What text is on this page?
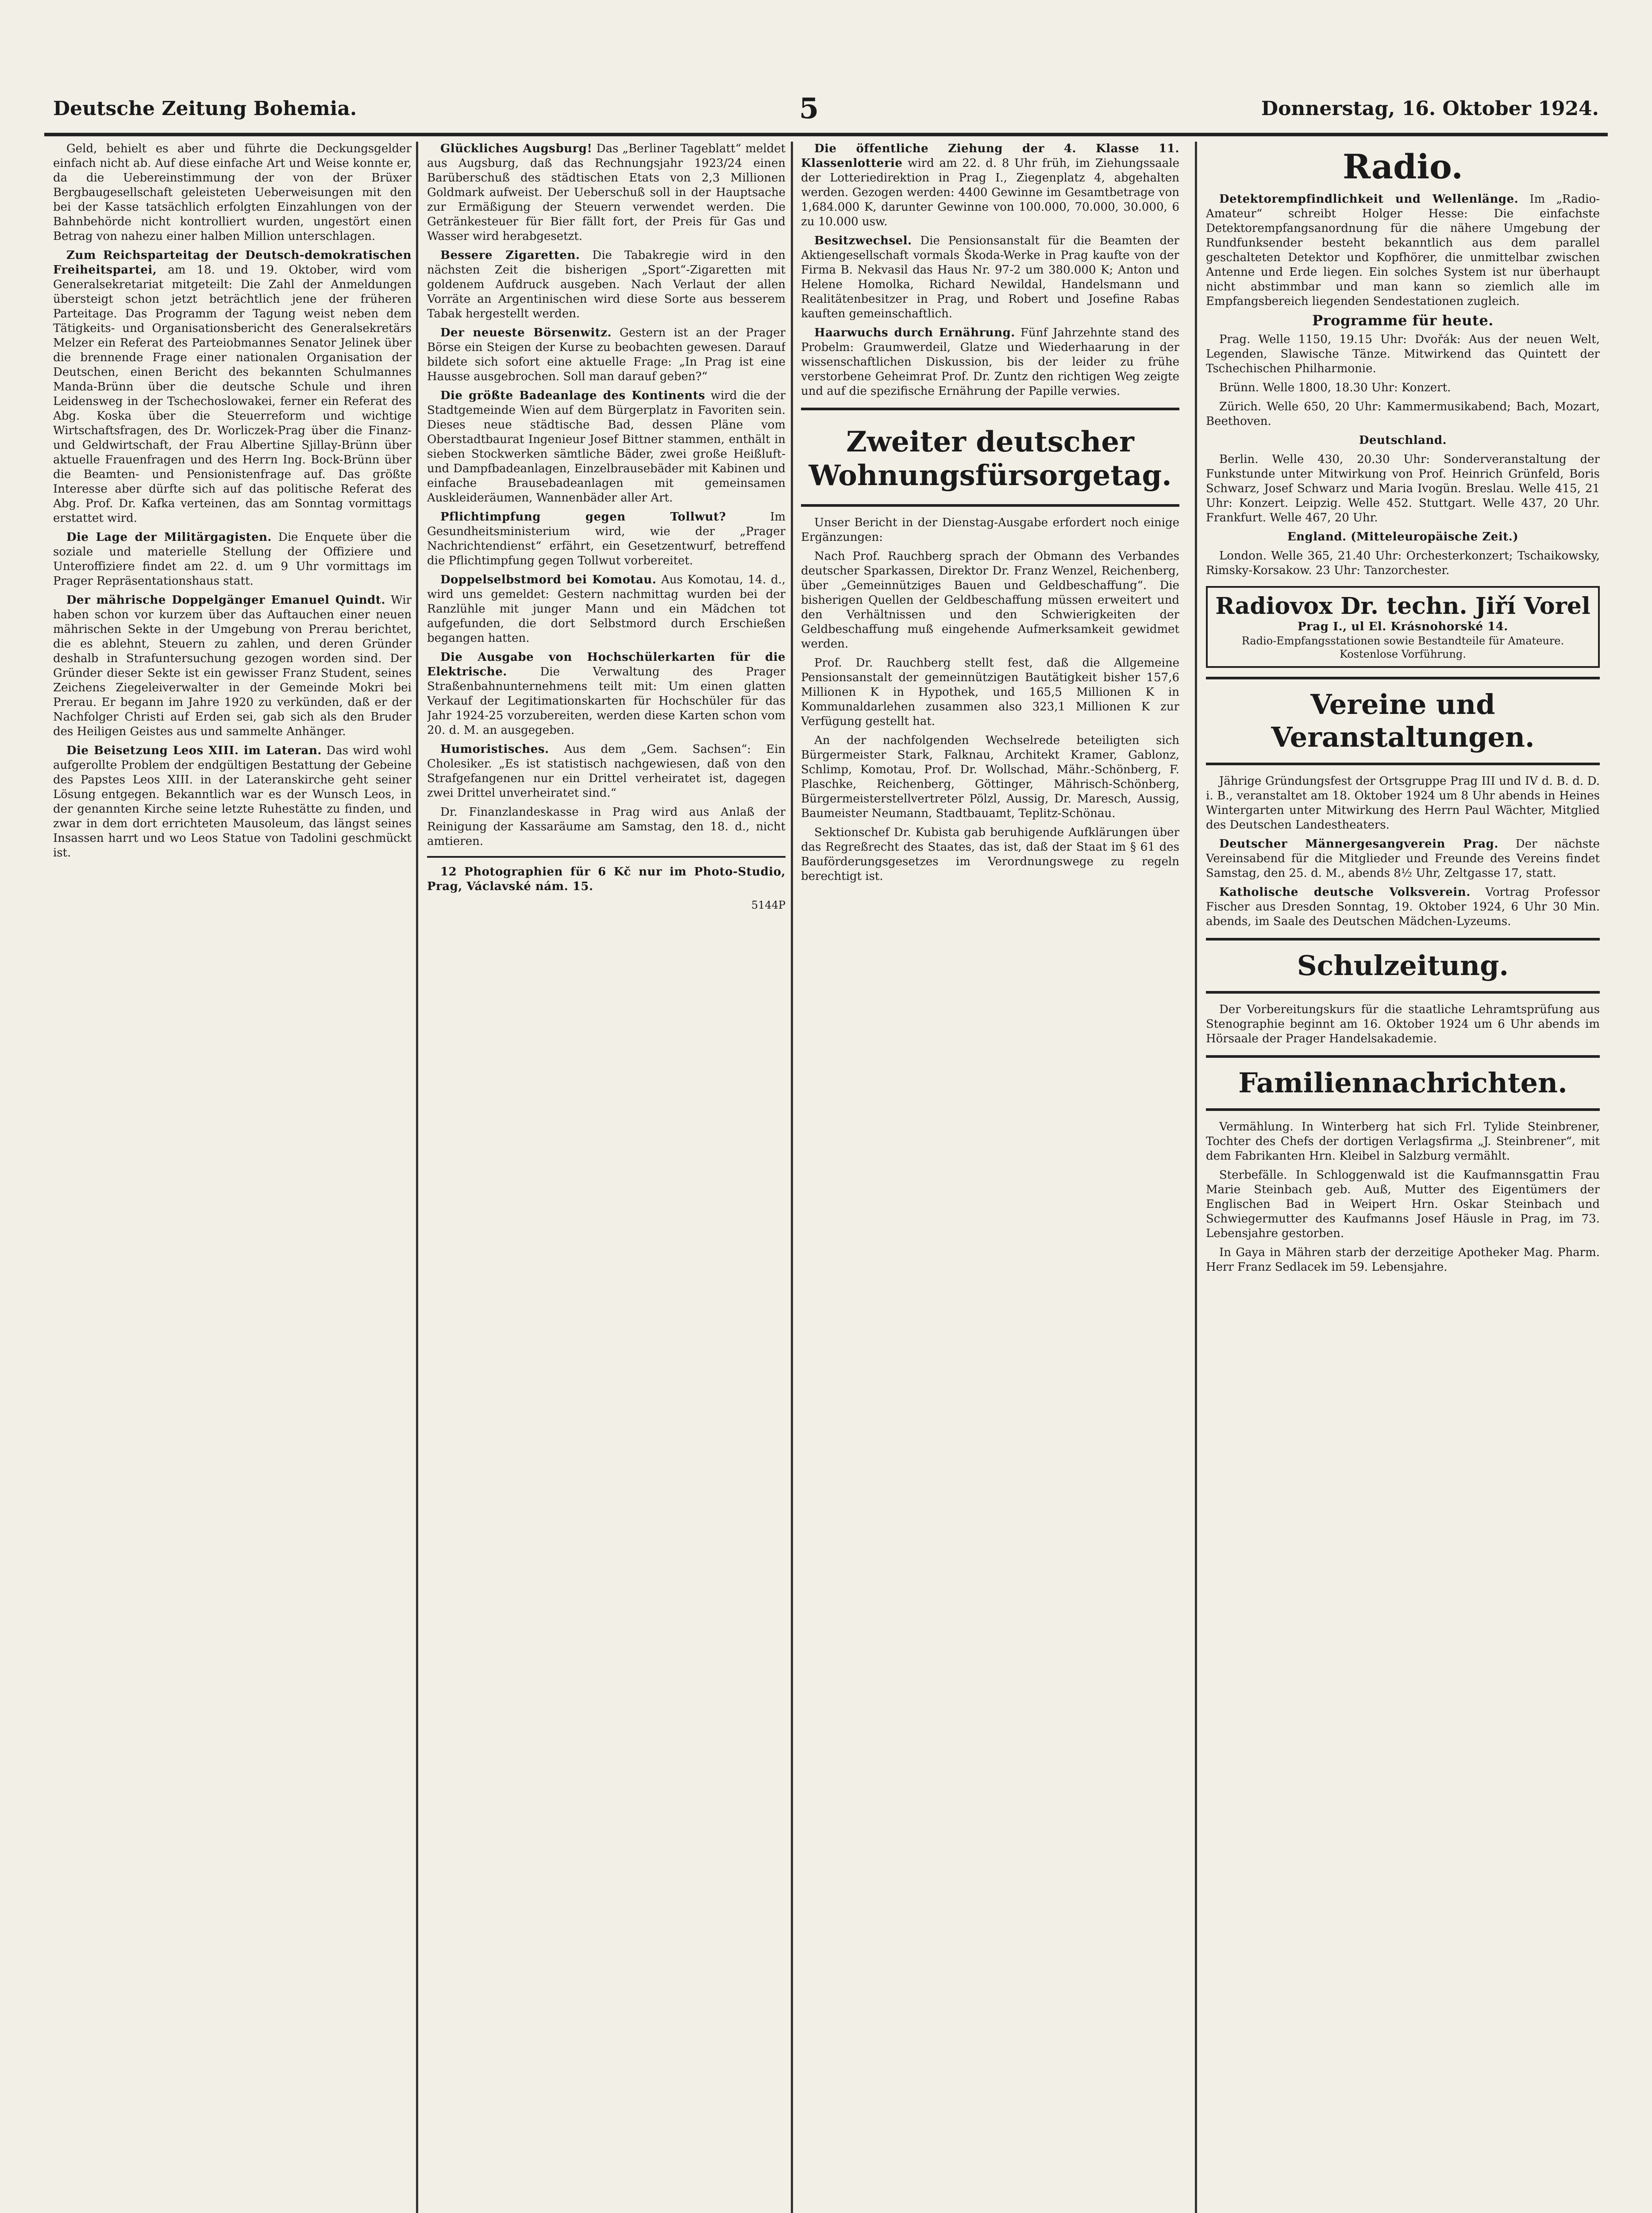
Deutsche Zeitung Bohemia.	5	Donnerstag, 16. Oktober 1924.

Geld, behielt es aber und führte die Deckungsgelder einfach nicht ab. Auf diese einfache Art und Weise konnte er, da die Uebereinstimmung der von der Brüxer Bergbaugesellschaft geleisteten Ueberweisungen mit den bei der Kasse tatsächlich erfolgten Einzahlungen von der Bahnbehörde nicht kontrolliert wurden, ungestört einen Betrag von nahezu einer halben Million unterschlagen.

Zum Reichsparteitag der Deutsch-demokratischen Freiheitspartei, am 18. und 19. Oktober, wird vom Generalsekretariat mitgeteilt: Die Zahl der Anmeldungen übersteigt schon jetzt beträchtlich jene der früheren Parteitage. Das Programm der Tagung weist neben dem Tätigkeits- und Organisationsbericht des Generalsekretärs Melzer ein Referat des Parteiobmannes Senator Jelinek über die brennende Frage einer nationalen Organisation der Deutschen, einen Bericht des bekannten Schulmannes Manda-Brünn über die deutsche Schule und ihren Leidensweg in der Tschechoslowakei, ferner ein Referat des Abg. Koska über die Steuerreform und wichtige Wirtschaftsfragen, des Dr. Worliczek-Prag über die Finanz- und Geldwirtschaft, der Frau Albertine Sjillay-Brünn über aktuelle Frauenfragen und des Herrn Ing. Bock-Brünn über die Beamten- und Pensionistenfrage auf. Das größte Interesse aber dürfte sich auf das politische Referat des Abg. Prof. Dr. Kafka verteinen, das am Sonntag vormittags erstattet wird.

Die Lage der Militärgagisten. Die Enquete über die soziale und materielle Stellung der Offiziere und Unteroffiziere findet am 22. d. um 9 Uhr vormittags im Prager Repräsentationshaus statt.

Der mährische Doppelgänger Emanuel Quindt. Wir haben schon vor kurzem über das Auftauchen einer neuen mährischen Sekte in der Umgebung von Prerau berichtet, die es ablehnt, Steuern zu zahlen, und deren Gründer deshalb in Strafuntersuchung gezogen worden sind. Der Gründer dieser Sekte ist ein gewisser Franz Student, seines Zeichens Ziegeleiverwalter in der Gemeinde Mokri bei Prerau. Er begann im Jahre 1920 zu verkünden, daß er der Nachfolger Christi auf Erden sei, gab sich als den Bruder des Heiligen Geistes aus und sammelte Anhänger.

Die Beisetzung Leos XIII. im Lateran. Das wird wohl aufgerollte Problem der endgültigen Bestattung der Gebeine des Papstes Leos XIII. in der Lateranskirche geht seiner Lösung entgegen. Bekanntlich war es der Wunsch Leos, in der genannten Kirche seine letzte Ruhestätte zu finden, und zwar in dem dort errichteten Mausoleum, das längst seines Insassen harrt und wo Leos Statue von Tadolini geschmückt ist.

Glückliches Augsburg! Das „Berliner Tageblatt“ meldet aus Augsburg, daß das Rechnungsjahr 1923/24 einen Barüberschuß des städtischen Etats von 2,3 Millionen Goldmark aufweist. Der Ueberschuß soll in der Hauptsache zur Ermäßigung der Steuern verwendet werden. Die Getränkesteuer für Bier fällt fort, der Preis für Gas und Wasser wird herabgesetzt.

Bessere Zigaretten. Die Tabakregie wird in den nächsten Zeit die bisherigen „Sport“-Zigaretten mit goldenem Aufdruck ausgeben. Nach Verlaut der allen Vorräte an Argentinischen wird diese Sorte aus besserem Tabak hergestellt werden.

Der neueste Börsenwitz. Gestern ist an der Prager Börse ein Steigen der Kurse zu beobachten gewesen. Darauf bildete sich sofort eine aktuelle Frage: „In Prag ist eine Hausse ausgebrochen. Soll man darauf geben?“

Die größte Badeanlage des Kontinents wird die der Stadtgemeinde Wien auf dem Bürgerplatz in Favoriten sein. Dieses neue städtische Bad, dessen Pläne vom Oberstadtbaurat Ingenieur Josef Bittner stammen, enthält in sieben Stockwerken sämtliche Bäder, zwei große Heißluft- und Dampfbadeanlagen, Einzelbrausebäder mit Kabinen und einfache Brausebadeanlagen mit gemeinsamen Auskleideräumen, Wannenbäder aller Art.

Pflichtimpfung gegen Tollwut?	Im Gesundheitsministerium wird, wie der „Prager Nachrichtendienst“ erfährt, ein Gesetzentwurf, betreffend die Pflichtimpfung gegen Tollwut vorbereitet.

Doppelselbstmord bei Komotau. Aus Komotau, 14. d., wird uns gemeldet: Gestern nachmittag wurden bei der Ranzlühle mit junger Mann und ein Mädchen tot aufgefunden, die dort Selbstmord durch Erschießen begangen hatten.

Die Ausgabe von Hochschülerkarten für die Elektrische.	Die Verwaltung des Prager Straßenbahnunternehmens teilt mit: Um einen glatten Verkauf der Legitimationskarten für Hochschüler für das Jahr 1924-25 vorzubereiten, werden diese Karten schon vom 20. d. M. an ausgegeben.

Humoristisches. Aus dem „Gem. Sachsen“: Ein Cholesiker. „Es ist statistisch nachgewiesen, daß von den Strafgefangenen nur ein Drittel verheiratet ist, dagegen zwei Drittel unverheiratet sind.“

Dr. Finanzlandeskasse in Prag wird aus Anlaß der Reinigung der Kassaräume am Samstag, den 18. d., nicht amtieren.

12 Photographien für 6 Kč nur im Photo-Studio, Prag, Václavské nám. 15.

5144P

Die öffentliche Ziehung der 4. Klasse 11. Klassenlotterie wird am 22. d. 8 Uhr früh, im Ziehungssaale der Lotteriedirektion in Prag I., Ziegenplatz 4, abgehalten werden. Gezogen werden: 4400 Gewinne im Gesamtbetrage von 1,684.000 K, darunter Gewinne von 100.000, 70.000, 30.000, 6 zu 10.000 usw.

Besitzwechsel. Die Pensionsanstalt für die Beamten der Aktiengesellschaft vormals Škoda-Werke in Prag kaufte von der Firma B. Nekvasil das Haus Nr. 97-2 um 380.000 K; Anton und Helene Homolka, Richard Newildal, Handelsmann und Realitätenbesitzer in Prag, und Robert und Josefine Rabas kauften gemeinschaftlich.

Haarwuchs durch Ernährung. Fünf Jahrzehnte stand des Probelm: Graumwerdeil, Glatze und Wiederhaarung in der wissenschaftlichen Diskussion, bis der leider zu frühe verstorbene Geheimrat Prof. Dr. Zuntz den richtigen Weg zeigte und auf die spezifische Ernährung der Papille verwies.

Zweiter deutscher Wohnungsfürsorgetag.

Unser Bericht in der Dienstag-Ausgabe erfordert noch einige Ergänzungen:

Nach Prof. Rauchberg sprach der Obmann des Verbandes deutscher Sparkassen, Direktor Dr. Franz Wenzel, Reichenberg, über „Gemeinnütziges Bauen und Geldbeschaffung“. Die bisherigen Quellen der Geldbeschaffung müssen erweitert und den Verhältnissen und den Schwierigkeiten der Geldbeschaffung muß eingehende Aufmerksamkeit gewidmet werden.

Prof. Dr. Rauchberg stellt fest, daß die Allgemeine Pensionsanstalt der gemeinnützigen Bautätigkeit bisher 157,6 Millionen K in Hypothek, und 165,5 Millionen K in Kommunaldarlehen zusammen also 323,1 Millionen K zur Verfügung gestellt hat.

An der nachfolgenden Wechselrede beteiligten sich Bürgermeister Stark, Falknau, Architekt Kramer, Gablonz, Schlimp, Komotau, Prof. Dr. Wollschad, Mähr.-Schönberg, F. Plaschke, Reichenberg, Göttinger, Mährisch-Schönberg, Bürgermeisterstellvertreter Pölzl, Aussig, Dr. Maresch, Aussig, Baumeister Neumann, Stadtbauamt, Teplitz-Schönau.

Sektionschef Dr. Kubista gab beruhigende Aufklärungen über das Regreßrecht des Staates, das ist, daß der Staat im § 61 des Bauförderungsgesetzes im Verordnungswege zu regeln berechtigt ist.

Radio.

Detektorempfindlichkeit und Wellenlänge. Im „Radio-Amateur“ schreibt Holger Hesse: Die einfachste Detektorempfangsanordnung für die nähere Umgebung der Rundfunksender besteht bekanntlich aus dem parallel geschalteten Detektor und Kopfhörer, die unmittelbar zwischen Antenne und Erde liegen. Ein solches System ist nur überhaupt nicht abstimmbar und man kann so ziemlich alle im Empfangsbereich liegenden Sendestationen zugleich.

Programme für heute.

Prag. Welle 1150, 19.15 Uhr: Dvořák: Aus der neuen Welt, Legenden, Slawische Tänze. Mitwirkend das Quintett der Tschechischen Philharmonie.

Brünn. Welle 1800, 18.30 Uhr: Konzert.

Zürich. Welle 650, 20 Uhr: Kammermusikabend; Bach, Mozart, Beethoven.

Deutschland.

Berlin. Welle 430, 20.30 Uhr: Sonderveranstaltung der Funkstunde unter Mitwirkung von Prof. Heinrich Grünfeld, Boris Schwarz, Josef Schwarz und Maria Ivogün. Breslau. Welle 415, 21 Uhr: Konzert. Leipzig. Welle 452. Stuttgart. Welle 437, 20 Uhr. Frankfurt. Welle 467, 20 Uhr.

England. (Mitteleuropäische Zeit.)

London. Welle 365, 21.40 Uhr: Orchesterkonzert; Tschaikowsky, Rimsky-Korsakow. 23 Uhr: Tanzorchester.

Radiovox Dr. techn. Jiří Vorel
Prag I., ul El. Krásnohorské 14.
Radio-Empfangsstationen sowie Bestandteile für Amateure. Kostenlose Vorführung.
Vereine und Veranstaltungen.

Jährige Gründungsfest der Ortsgruppe Prag III und IV d. B. d. D. i. B., veranstaltet am 18. Oktober 1924 um 8 Uhr abends in Heines Wintergarten unter Mitwirkung des Herrn Paul Wächter, Mitglied des Deutschen Landestheaters.

Deutscher Männergesangverein Prag. Der nächste Vereinsabend für die Mitglieder und Freunde des Vereins findet Samstag, den 25. d. M., abends 8½ Uhr, Zeltgasse 17, statt.

Katholische deutsche Volksverein. Vortrag Professor Fischer aus Dresden Sonntag, 19. Oktober 1924, 6 Uhr 30 Min. abends, im Saale des Deutschen Mädchen-Lyzeums.

Schulzeitung.

Der Vorbereitungskurs für die staatliche Lehramtsprüfung aus Stenographie beginnt am 16. Oktober 1924 um 6 Uhr abends im Hörsaale der Prager Handelsakademie.

Familiennachrichten.

Vermählung. In Winterberg hat sich Frl. Tylide Steinbrener, Tochter des Chefs der dortigen Verlagsfirma „J. Steinbrener“, mit dem Fabrikanten Hrn. Kleibel in Salzburg vermählt.

Sterbefälle. In Schloggenwald ist die Kaufmannsgattin Frau Marie Steinbach geb. Auß, Mutter des Eigentümers der Englischen Bad in Weipert Hrn. Oskar Steinbach und Schwiegermutter des Kaufmanns Josef Häusle in Prag, im 73. Lebensjahre gestorben.

In Gaya in Mähren starb der derzeitige Apotheker Mag. Pharm. Herr Franz Sedlacek im 59. Lebensjahre.
